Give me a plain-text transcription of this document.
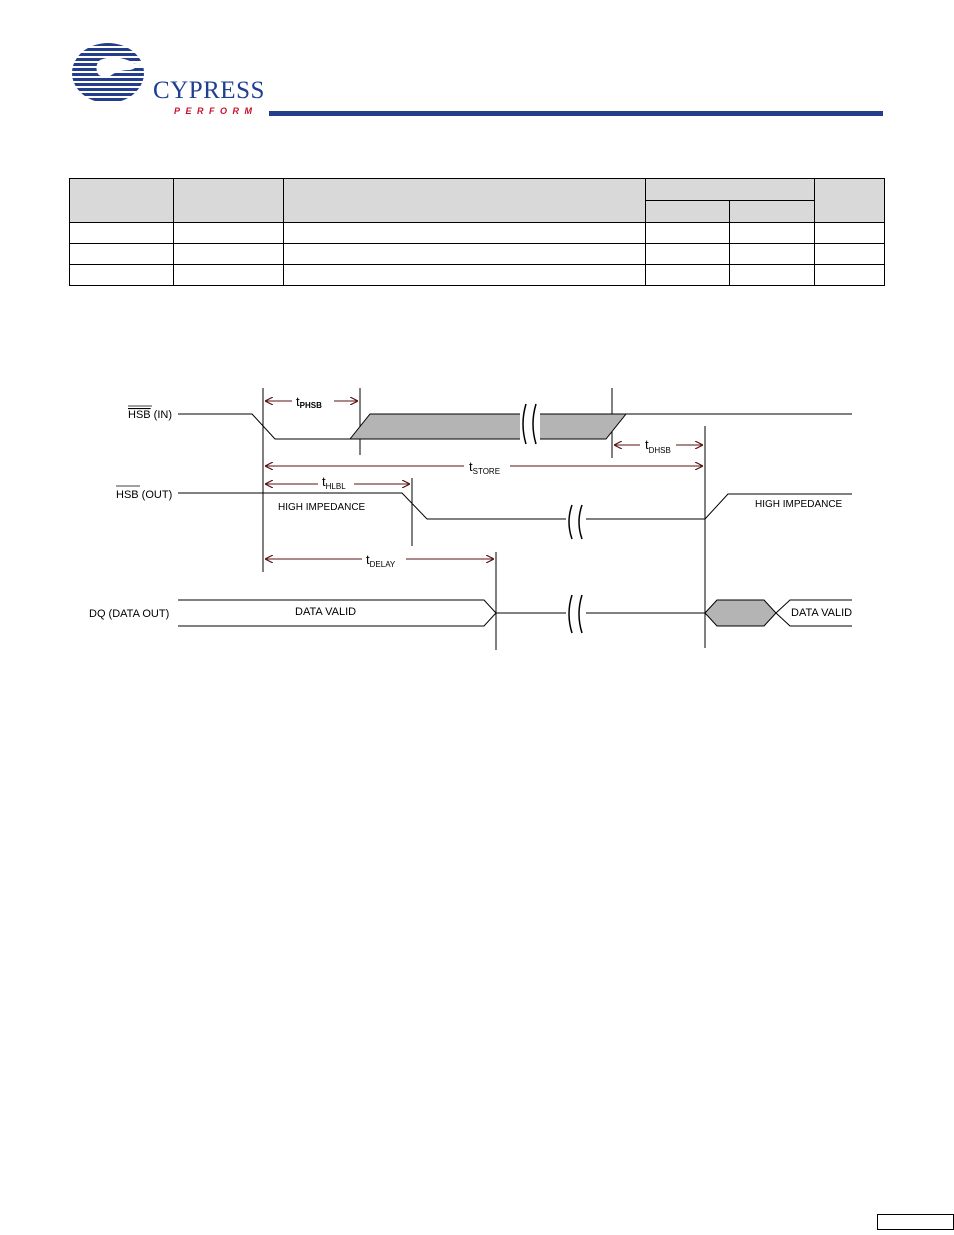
CYPRESS
PERFORM

HSB (IN)
tPHSB
$t_{DHSB}$
$t_{STORE}$
$t_{HLBL}$
HSB (OUT)
HIGH IMPEDANCE	HIGH IMPEDANCE
$t_{DELAY}$
DQ (DATA OUT)	DATA VALID	DATA VALID
